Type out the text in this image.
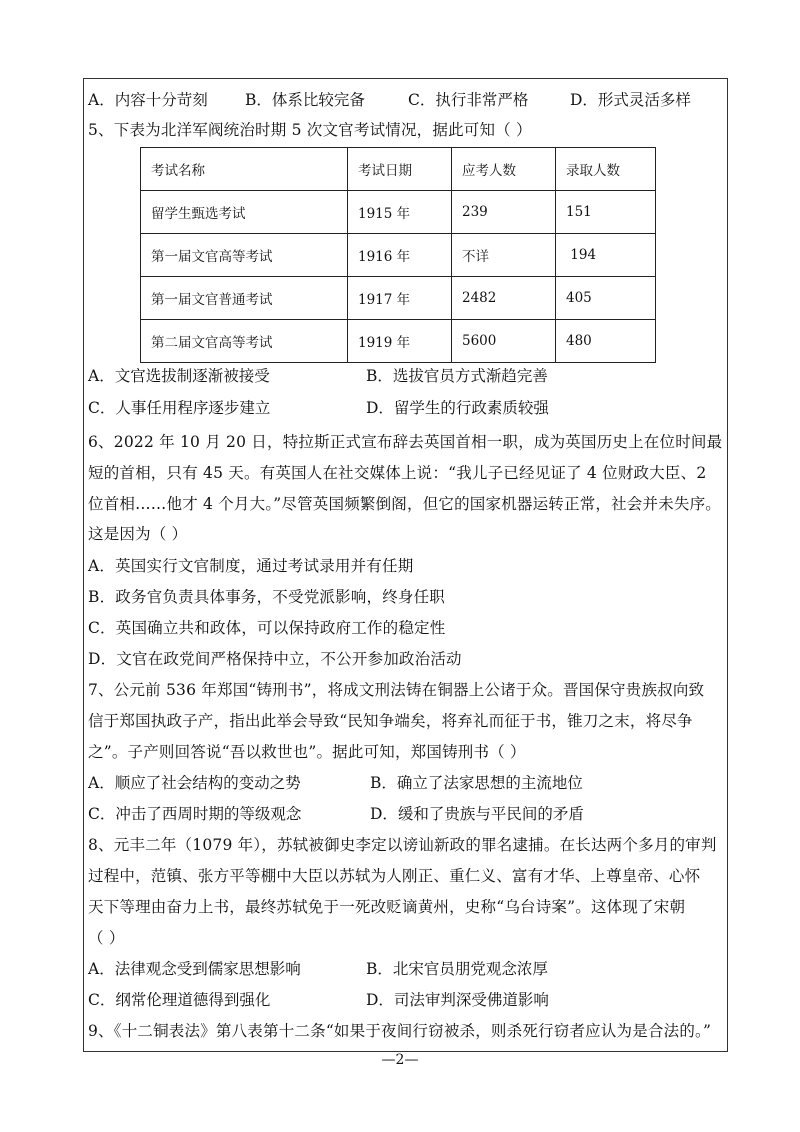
A．内容十分苛刻 B．体系比较完备	C．执行非常严格	D．形式灵活多样
5、下表为北洋军阀统治时期 5 次文官考试情况，据此可知（ ）
考试名称	考试日期	应考人数	录取人数
留学生甄选考试	1915 年	239	151
第一届文官高等考试	1916 年	不详	194
第一届文官普通考试	1917 年	2482	405
第二届文官高等考试	1919 年	5600	480
A．文官选拔制逐渐被接受	B．选拔官员方式渐趋完善
C．人事任用程序逐步建立	D．留学生的行政素质较强
6、2022 年 10 月 20 日，特拉斯正式宣布辞去英国首相一职，成为英国历史上在位时间最
短的首相，只有 45 天。有英国人在社交媒体上说：“我儿子已经见证了 4 位财政大臣、2
位首相……他才 4 个月大。”尽管英国频繁倒阁，但它的国家机器运转正常，社会并未失序。
这是因为（ ）
A．英国实行文官制度，通过考试录用并有任期
B．政务官负责具体事务，不受党派影响，终身任职
C．英国确立共和政体，可以保持政府工作的稳定性
D．文官在政党间严格保持中立，不公开参加政治活动
7、公元前 536 年郑国“铸刑书”，将成文刑法铸在铜器上公诸于众。晋国保守贵族叔向致
信于郑国执政子产，指出此举会导致“民知争端矣，将弃礼而征于书，锥刀之末，将尽争
之”。子产则回答说“吾以救世也”。据此可知，郑国铸刑书（ ）
A．顺应了社会结构的变动之势	B．确立了法家思想的主流地位
C．冲击了西周时期的等级观念	D．缓和了贵族与平民间的矛盾
8、元丰二年（1079 年），苏轼被御史李定以谤讪新政的罪名逮捕。在长达两个多月的审判
过程中，范镇、张方平等棚中大臣以苏轼为人刚正、重仁义、富有才华、上尊皇帝、心怀
天下等理由奋力上书，最终苏轼免于一死改贬谪黄州，史称“乌台诗案”。这体现了宋朝
（ ）
A．法律观念受到儒家思想影响	B．北宋官员朋党观念浓厚
C．纲常伦理道德得到强化	D．司法审判深受佛道影响
9、《十二铜表法》第八表第十二条“如果于夜间行窃被杀，则杀死行窃者应认为是合法的。”
—2—
